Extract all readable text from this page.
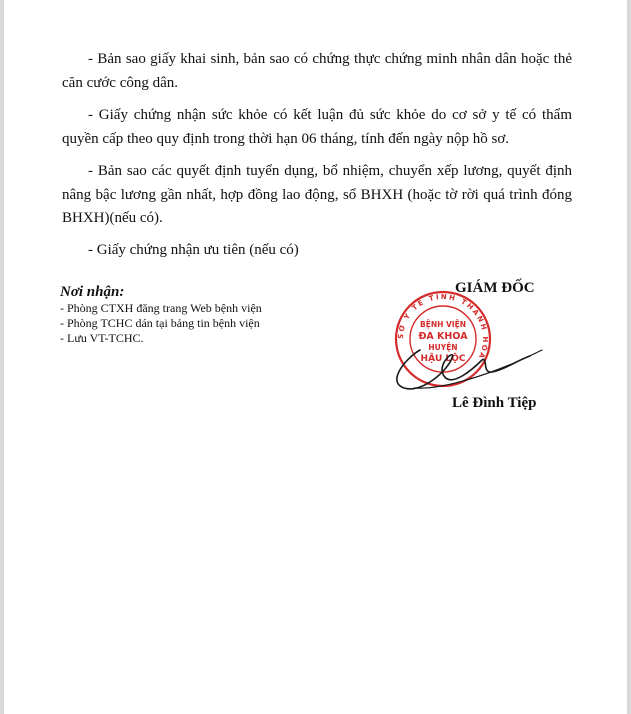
- Bản sao giấy khai sinh, bản sao có chứng thực chứng minh nhân dân hoặc thẻ căn cước công dân.

- Giấy chứng nhận sức khỏe có kết luận đủ sức khỏe do cơ sở y tế có thẩm quyền cấp theo quy định trong thời hạn 06 tháng, tính đến ngày nộp hồ sơ.

- Bản sao các quyết định tuyển dụng, bổ nhiệm, chuyển xếp lương, quyết định nâng bậc lương gần nhất, hợp đồng lao động, sổ BHXH (hoặc tờ rời quá trình đóng BHXH)(nếu có).

- Giấy chứng nhận ưu tiên (nếu có)

Nơi nhận:
- Phòng CTXH đăng trang Web bệnh viện
- Phòng TCHC dán tại bảng tin bệnh viện
- Lưu VT-TCHC.
GIÁM ĐỐC
SỞ Y TẾ TỈNH THANH HÓA
BỆNH VIỆN
ĐA KHOA
HUYỆN
HẬU LỘC
Lê Đình Tiệp
